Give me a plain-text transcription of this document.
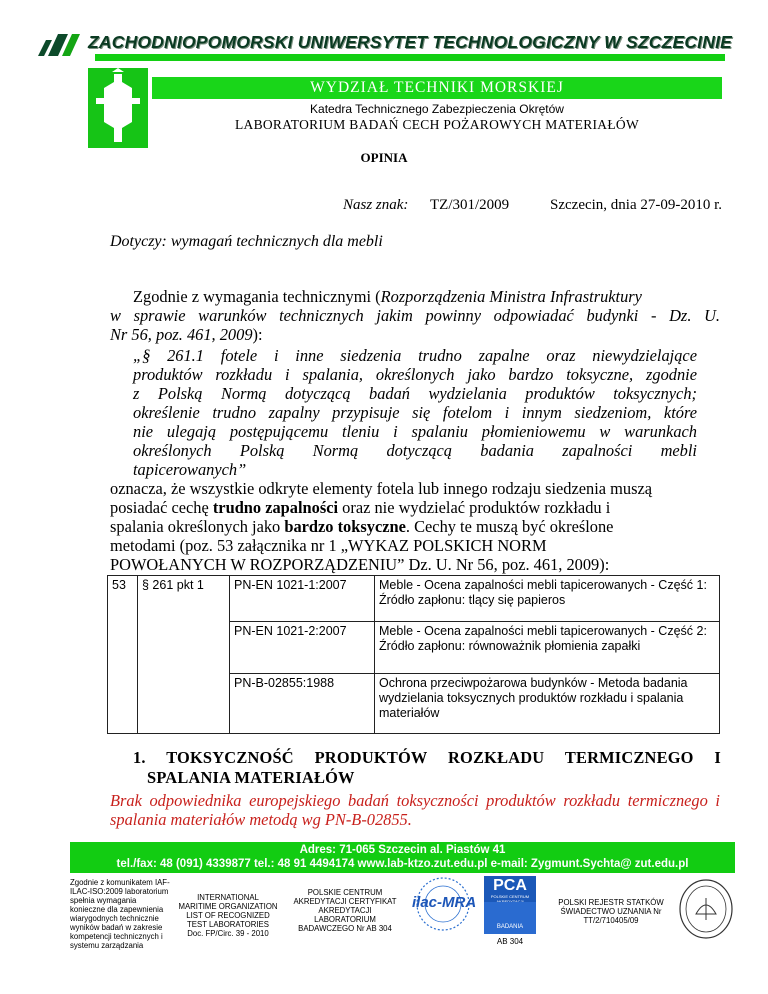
ZACHODNIOPOMORSKI UNIWERSYTET TECHNOLOGICZNY W SZCZECINIE
WYDZIAŁ TECHNIKI MORSKIEJ
Katedra Technicznego Zabezpieczenia Okrętów
LABORATORIUM BADAŃ CECH POŻAROWYCH MATERIAŁÓW
OPINIA
Nasz znak: TZ/301/2009	Szczecin, dnia 27-09-2010 r.
Dotyczy: wymagań technicznych dla mebli
Zgodnie z wymagania technicznymi (Rozporządzenia Ministra Infrastruktury
w sprawie warunków technicznych jakim powinny odpowiadać budynki - Dz. U.
Nr 56, poz. 461, 2009):
„§ 261.1 fotele i inne siedzenia trudno zapalne oraz niewydzielające
produktów rozkładu i spalania, określonych jako bardzo toksyczne, zgodnie
z Polską Normą dotyczącą badań wydzielania produktów toksycznych;
określenie trudno zapalny przypisuje się fotelom i innym siedzeniom, które
nie ulegają postępującemu tleniu i spalaniu płomieniowemu w warunkach
określonych Polską Normą dotyczącą badania zapalności mebli
tapicerowanych”
oznacza, że wszystkie odkryte elementy fotela lub innego rodzaju siedzenia muszą
posiadać cechę trudno zapalności oraz nie wydzielać produktów rozkładu i
spalania określonych jako bardzo toksyczne. Cechy te muszą być określone
metodami (poz. 53 załącznika nr 1 „WYKAZ POLSKICH NORM
POWOŁANYCH W ROZPORZĄDZENIU” Dz. U. Nr 56, poz. 461, 2009):
53	§ 261 pkt 1	PN-EN 1021-1:2007	Meble - Ocena zapalności mebli tapicerowanych - Część 1: Źródło zapłonu: tlący się papieros
		PN-EN 1021-2:2007	Meble - Ocena zapalności mebli tapicerowanych - Część 2: Źródło zapłonu: równoważnik płomienia zapałki
		PN-B-02855:1988	Ochrona przeciwpożarowa budynków - Metoda badania wydzielania toksycznych produktów rozkładu i spalania materiałów
1. TOKSYCZNOŚĆ PRODUKTÓW ROZKŁADU TERMICZNEGO I
SPALANIA MATERIAŁÓW
Brak odpowiednika europejskiego badań toksyczności produktów rozkładu termicznego i spalania materiałów metodą wg PN-B-02855.
Adres: 71-065 Szczecin al. Piastów 41
tel./fax: 48 (091) 4339877 tel.: 48 91 4494174 www.lab-ktzo.zut.edu.pl e-mail: Zygmunt.Sychta@ zut.edu.pl
Zgodnie z komunikatem IAF-ILAC-ISO:2009 laboratorium spełnia wymagania konieczne dla zapewnienia wiarygodnych technicznie wyników badań w zakresie kompetencji technicznych i systemu zarządzania
INTERNATIONAL MARITIME ORGANIZATION LIST OF RECOGNIZED TEST LABORATORIES Doc. FP/Circ. 39 - 2010
POLSKIE CENTRUM AKREDYTACJI CERTYFIKAT AKREDYTACJI LABORATORIUM BADAWCZEGO Nr AB 304
ilac-MRA
PCA
POLSKIE CENTRUM
BADANIA
AB 304
POLSKI REJESTR STATKÓW ŚWIADECTWO UZNANIA Nr TT/2/710405/09
